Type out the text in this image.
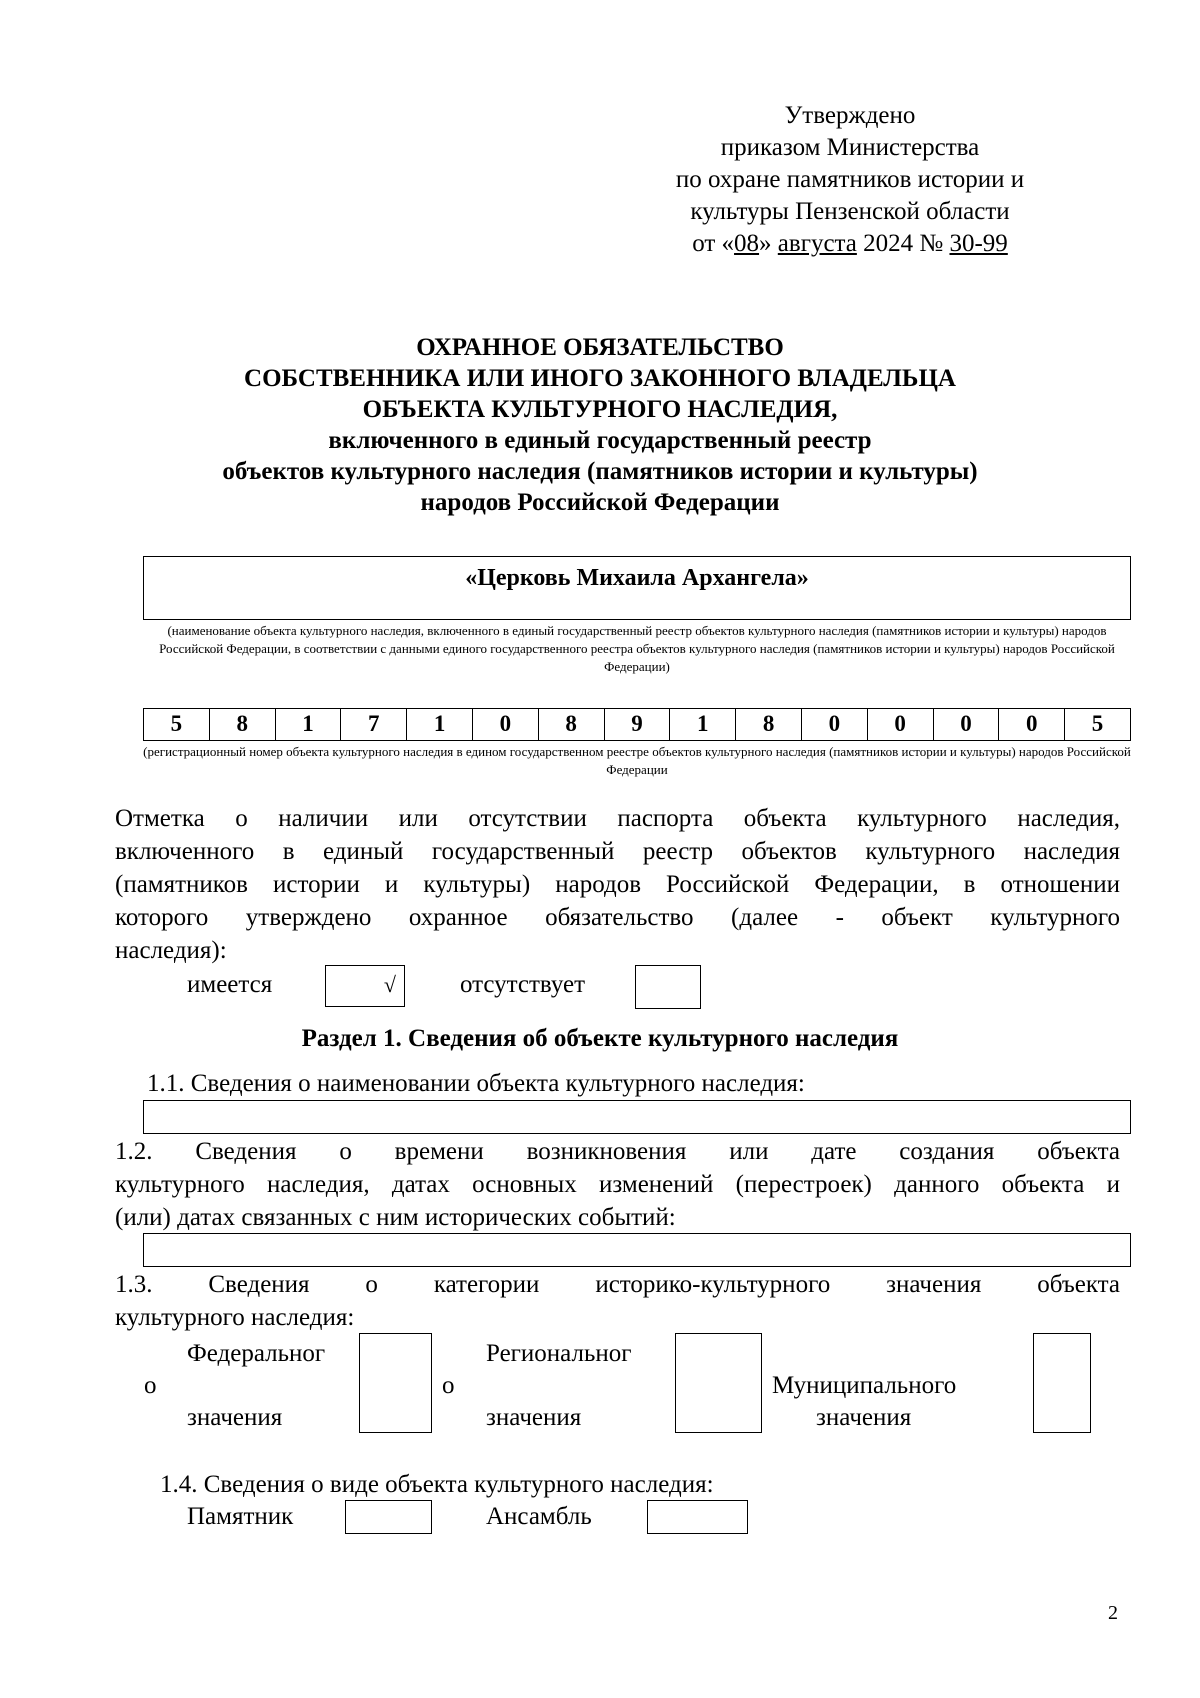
Утверждено
приказом Министерства
по охране памятников истории и
культуры Пензенской области
от «08» августа 2024 № 30-99
ОХРАННОЕ ОБЯЗАТЕЛЬСТВО
СОБСТВЕННИКА ИЛИ ИНОГО ЗАКОННОГО ВЛАДЕЛЬЦА
ОБЪЕКТА КУЛЬТУРНОГО НАСЛЕДИЯ,
включенного в единый государственный реестр
объектов культурного наследия (памятников истории и культуры)
народов Российской Федерации
«Церковь Михаила Архангела»
(наименование объекта культурного наследия, включенного в единый государственный реестр объектов культурного наследия (памятников истории и культуры) народов Российской Федерации, в соответствии с данными единого государственного реестра объектов культурного наследия (памятников истории и культуры) народов Российской Федерации)
5	8	1	7	1	0	8	9	1	8	0	0	0	0	5
(регистрационный номер объекта культурного наследия в едином государственном реестре объектов культурного наследия (памятников истории и культуры) народов Российской Федерации
Отметка о наличии или отсутствии паспорта объекта культурного наследия,
включенного в единый государственный реестр объектов культурного наследия
(памятников истории и культуры) народов Российской Федерации, в отношении
которого утверждено охранное обязательство (далее - объект культурного
наследия):
имеется	√	отсутствует
Раздел 1. Сведения об объекте культурного наследия
1.1. Сведения о наименовании объекта культурного наследия:
1.2. Сведения о времени возникновения или дате создания объекта
культурного наследия, датах основных изменений (перестроек) данного объекта и
(или) датах связанных с ним исторических событий:
1.3. Сведения о категории историко-культурного значения объекта
культурного наследия:
Федеральног
о
значения
Региональног
о
значения
Муниципального
значения
1.4. Сведения о виде объекта культурного наследия:
Памятник	Ансамбль
2
